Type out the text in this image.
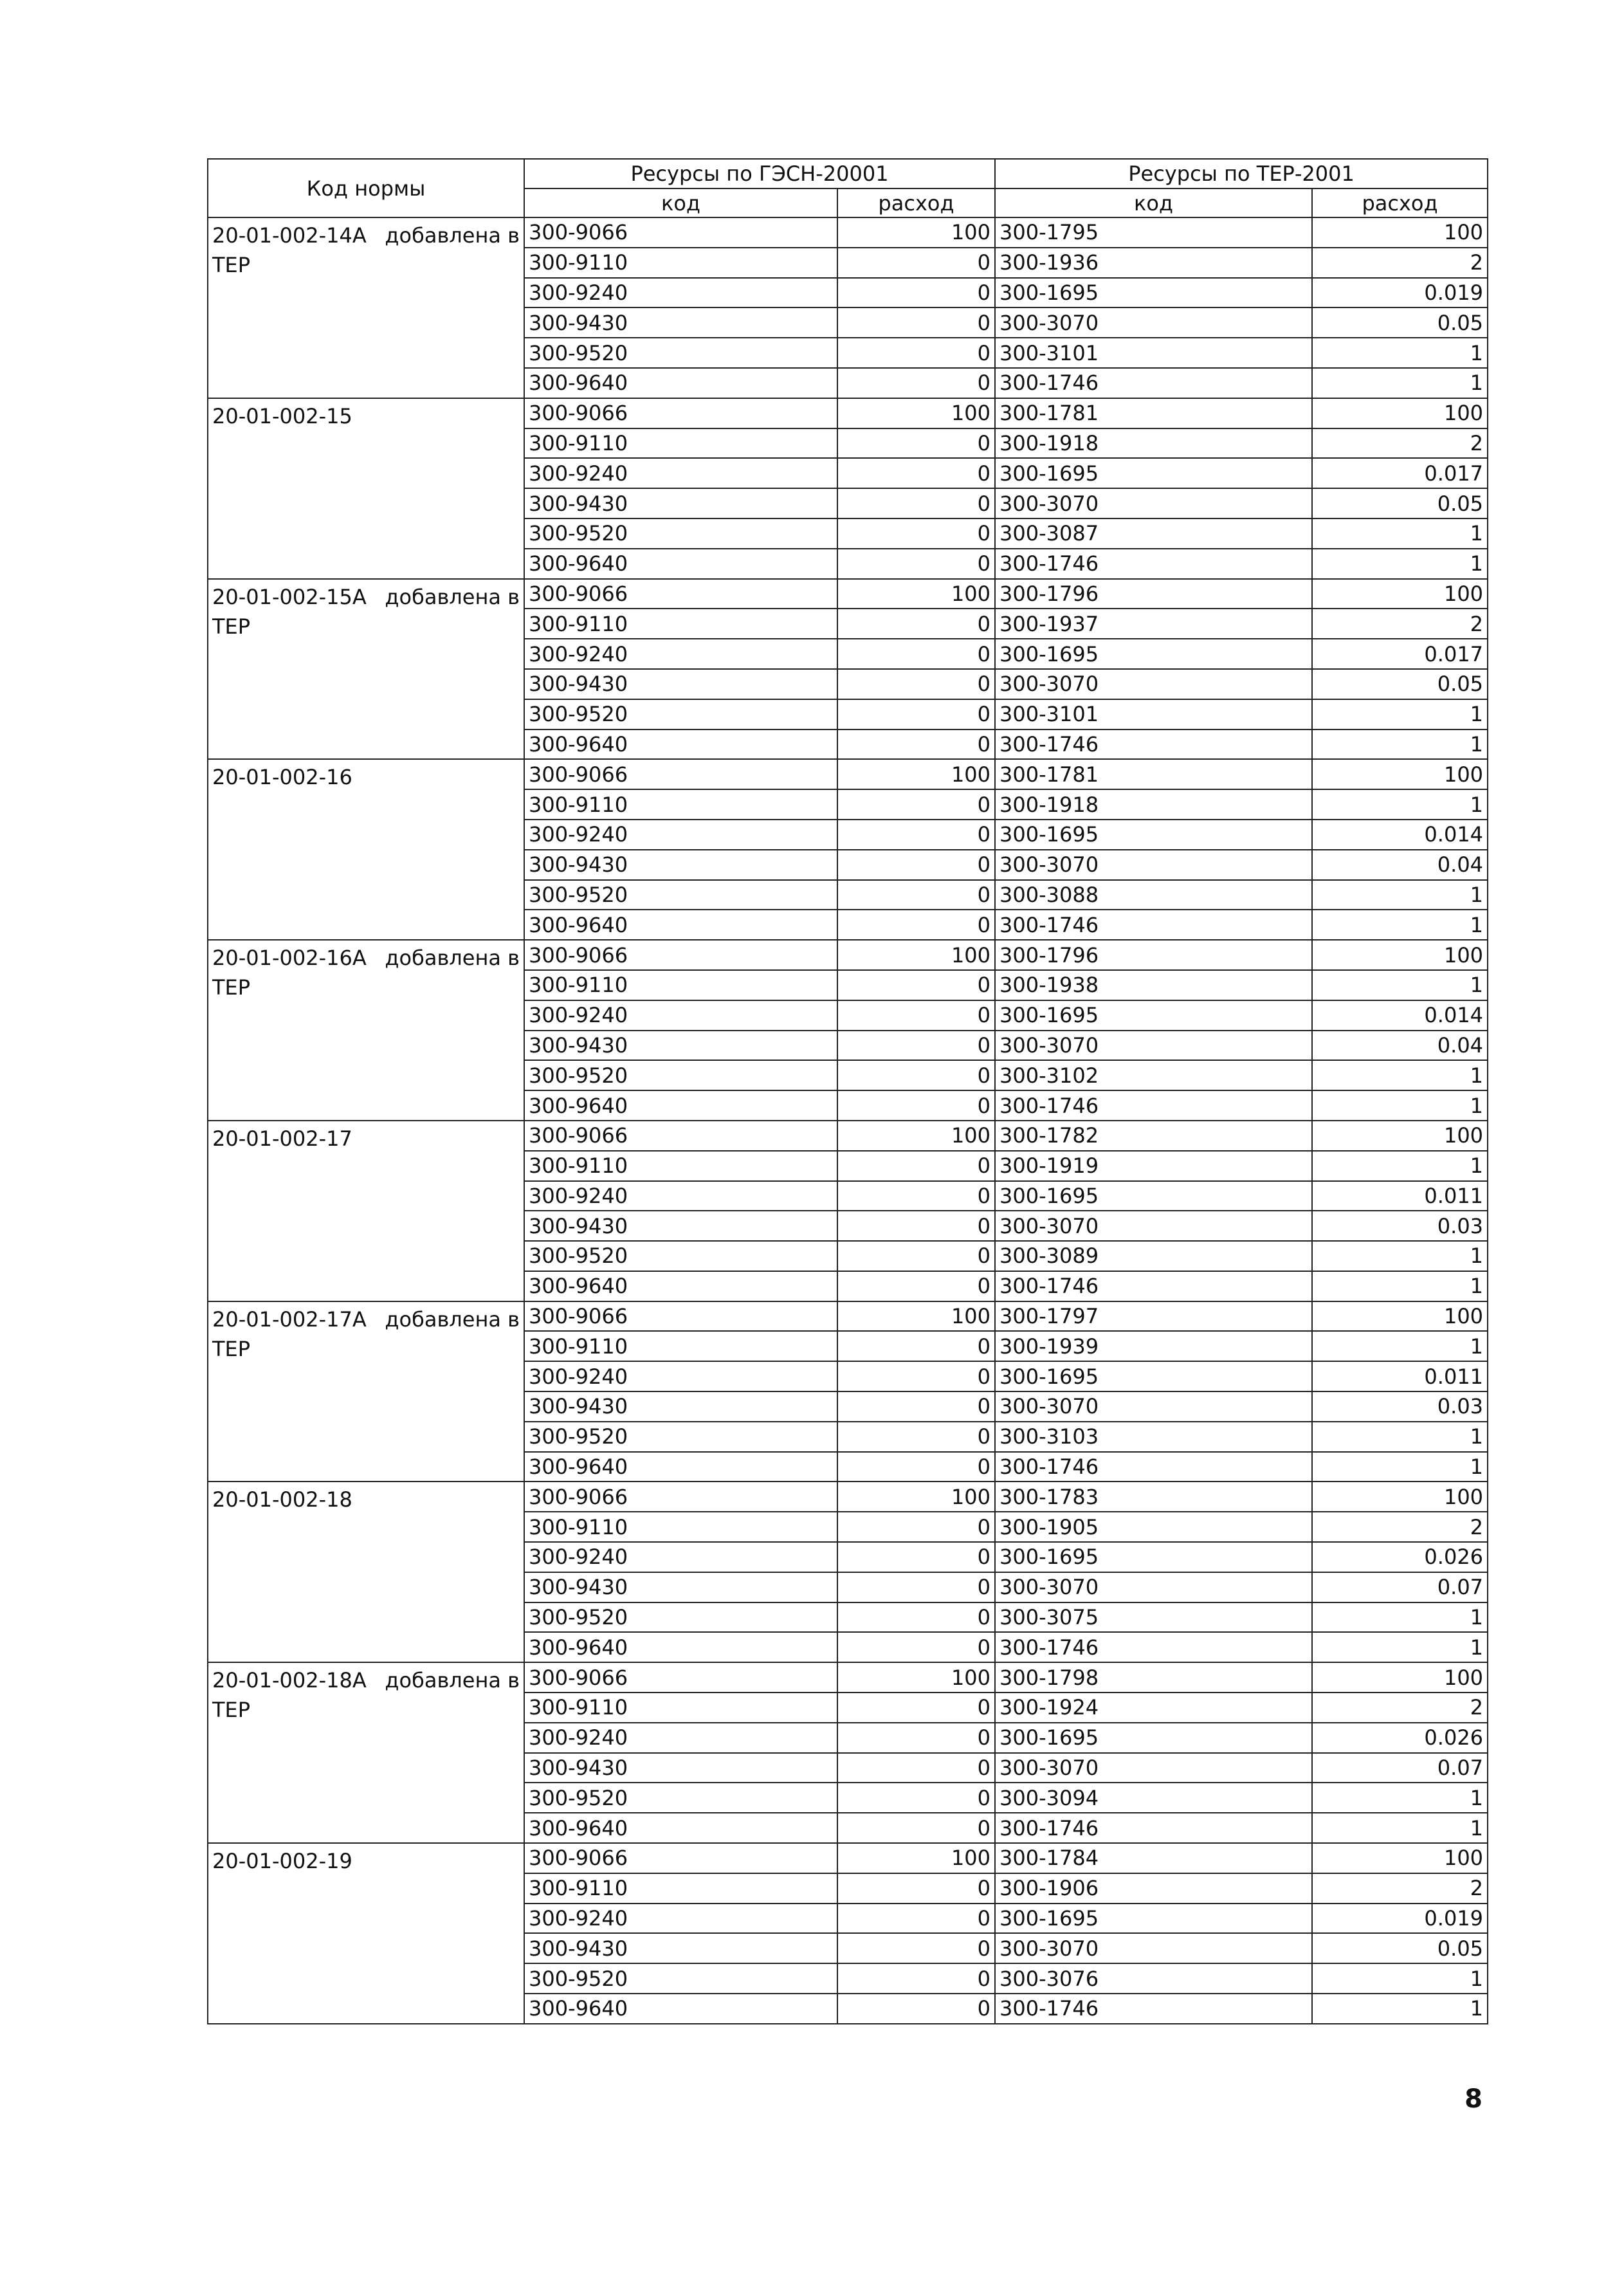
Код нормы	Ресурсы по ГЭСН-20001		Ресурсы по ТЕР-2001	
	код	расход	код	расход

20-01-002-14А добавлена в
ТЕР	300-9066	100	300-1795	100
	300-9110	0	300-1936	2
	300-9240	0	300-1695	0.019
	300-9430	0	300-3070	0.05
	300-9520	0	300-3101	1
	300-9640	0	300-1746	1

20-01-002-15	300-9066	100	300-1781	100
	300-9110	0	300-1918	2
	300-9240	0	300-1695	0.017
	300-9430	0	300-3070	0.05
	300-9520	0	300-3087	1
	300-9640	0	300-1746	1

20-01-002-15А добавлена в
ТЕР	300-9066	100	300-1796	100
	300-9110	0	300-1937	2
	300-9240	0	300-1695	0.017
	300-9430	0	300-3070	0.05
	300-9520	0	300-3101	1
	300-9640	0	300-1746	1

20-01-002-16	300-9066	100	300-1781	100
	300-9110	0	300-1918	1
	300-9240	0	300-1695	0.014
	300-9430	0	300-3070	0.04
	300-9520	0	300-3088	1
	300-9640	0	300-1746	1

20-01-002-16А добавлена в
ТЕР	300-9066	100	300-1796	100
	300-9110	0	300-1938	1
	300-9240	0	300-1695	0.014
	300-9430	0	300-3070	0.04
	300-9520	0	300-3102	1
	300-9640	0	300-1746	1

20-01-002-17	300-9066	100	300-1782	100
	300-9110	0	300-1919	1
	300-9240	0	300-1695	0.011
	300-9430	0	300-3070	0.03
	300-9520	0	300-3089	1
	300-9640	0	300-1746	1

20-01-002-17А добавлена в
ТЕР	300-9066	100	300-1797	100
	300-9110	0	300-1939	1
	300-9240	0	300-1695	0.011
	300-9430	0	300-3070	0.03
	300-9520	0	300-3103	1
	300-9640	0	300-1746	1

20-01-002-18	300-9066	100	300-1783	100
	300-9110	0	300-1905	2
	300-9240	0	300-1695	0.026
	300-9430	0	300-3070	0.07
	300-9520	0	300-3075	1
	300-9640	0	300-1746	1

20-01-002-18А добавлена в
ТЕР	300-9066	100	300-1798	100
	300-9110	0	300-1924	2
	300-9240	0	300-1695	0.026
	300-9430	0	300-3070	0.07
	300-9520	0	300-3094	1
	300-9640	0	300-1746	1

20-01-002-19	300-9066	100	300-1784	100
	300-9110	0	300-1906	2
	300-9240	0	300-1695	0.019
	300-9430	0	300-3070	0.05
	300-9520	0	300-3076	1
	300-9640	0	300-1746	1
8
